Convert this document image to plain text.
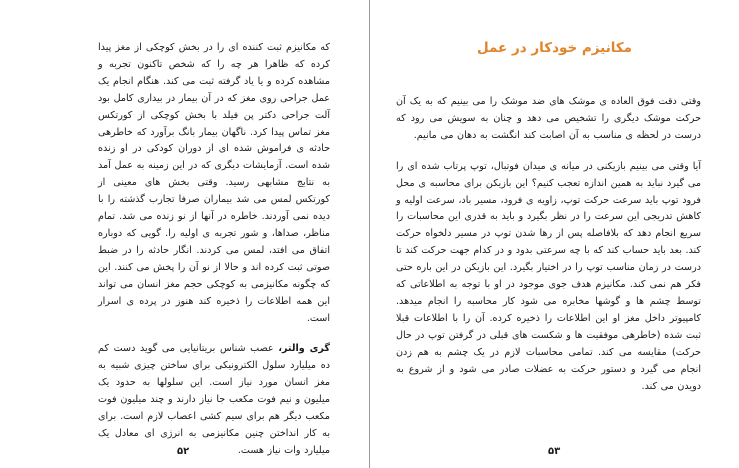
که مکانیزم ثبت کننده ای را در بخش کوچکی از مغز پیدا کرده که ظاهرا هر چه را که شخص تاکنون تجربه و مشاهده کرده و یا یاد گرفته ثبت می کند. هنگام انجام یک عمل جراحی روی مغز که در آن بیمار در بیداری کامل بود آلت جراحی دکتر پن فیلد با بخش کوچکی از کورتکس مغز تماس پیدا کرد. ناگهان بیمار بانگ برآورد که خاطرهی حادثه ی فراموش شده ای از دوران کودکی در او زنده شده است. آزمایشات دیگری که در این زمینه به عمل آمد به نتایج مشابهی رسید. وقتی بخش های معینی از کورتکس لمس می شد بیماران صرفا تجارب گذشته را با دیده نمی آوردند. خاطره در آنها از نو زنده می شد. تمام مناظر، صداها، و شور تجربه ی اولیه را. گویی که دوباره اتفاق می افتد، لمس می کردند. انگار حادثه را در ضبط صوتی ثبت کرده اند و حالا از نو آن را پخش می کنند. این که چگونه مکانیزمی به کوچکی حجم مغز انسان می تواند این همه اطلاعات را ذخیره کند هنوز در پرده ی اسرار است.

گری والتر، عصب شناس بریتانیایی می گوید دست کم ده میلیارد سلول الکترونیکی برای ساختن چیزی شبیه به مغز انسان مورد نیاز است. این سلولها به حدود یک میلیون و نیم فوت مکعب جا نیاز دارند و چند میلیون فوت مکعب دیگر هم برای سیم کشی اعصاب لازم است. برای به کار انداختن چنین مکانیزمی به انرژی ای معادل یک میلیارد وات نیاز هست.

۵۲
مکانیزم خودکار در عمل

وقتی دقت فوق العاده ی موشک های ضد موشک را می بینیم که به یک آن حرکت موشک دیگری را تشخیص می دهد و چنان به سویش می رود که درست در لحظه ی مناسب به آن اصابت کند انگشت به دهان می مانیم.

آیا وقتی می بینیم بازیکنی در میانه ی میدان فوتبال، توپ پرتاب شده ای را می گیرد نباید به همین اندازه تعجب کنیم؟ این بازیکن برای محاسبه ی محل فرود توپ باید سرعت حرکت توپ، زاویه ی فرود، مسیر باد، سرعت اولیه و کاهش تدریجی این سرعت را در نظر بگیرد و باید به قدری این محاسبات را سریع انجام دهد که بلافاصله پس از رها شدن توپ در مسیر دلخواه حرکت کند. بعد باید حساب کند که با چه سرعتی بدود و در کدام جهت حرکت کند تا درست در زمان مناسب توپ را در اختیار بگیرد. این بازیکن در این باره حتی فکر هم نمی کند. مکانیزم هدف جوی موجود در او با توجه به اطلاعاتی که توسط چشم ها و گوشها مخابره می شود کار محاسبه را انجام میدهد. کامپیوتر داخل مغز او این اطلاعات را ذخیره کرده. آن را با اطلاعات قبلا ثبت شده (خاطرهی موفقیت ها و شکست های قبلی در گرفتن توپ در حال حرکت) مقایسه می کند. تمامی محاسبات لازم در یک چشم به هم زدن انجام می گیرد و دستور حرکت به عضلات صادر می شود و از شروع به دویدن می کند.

۵۳
